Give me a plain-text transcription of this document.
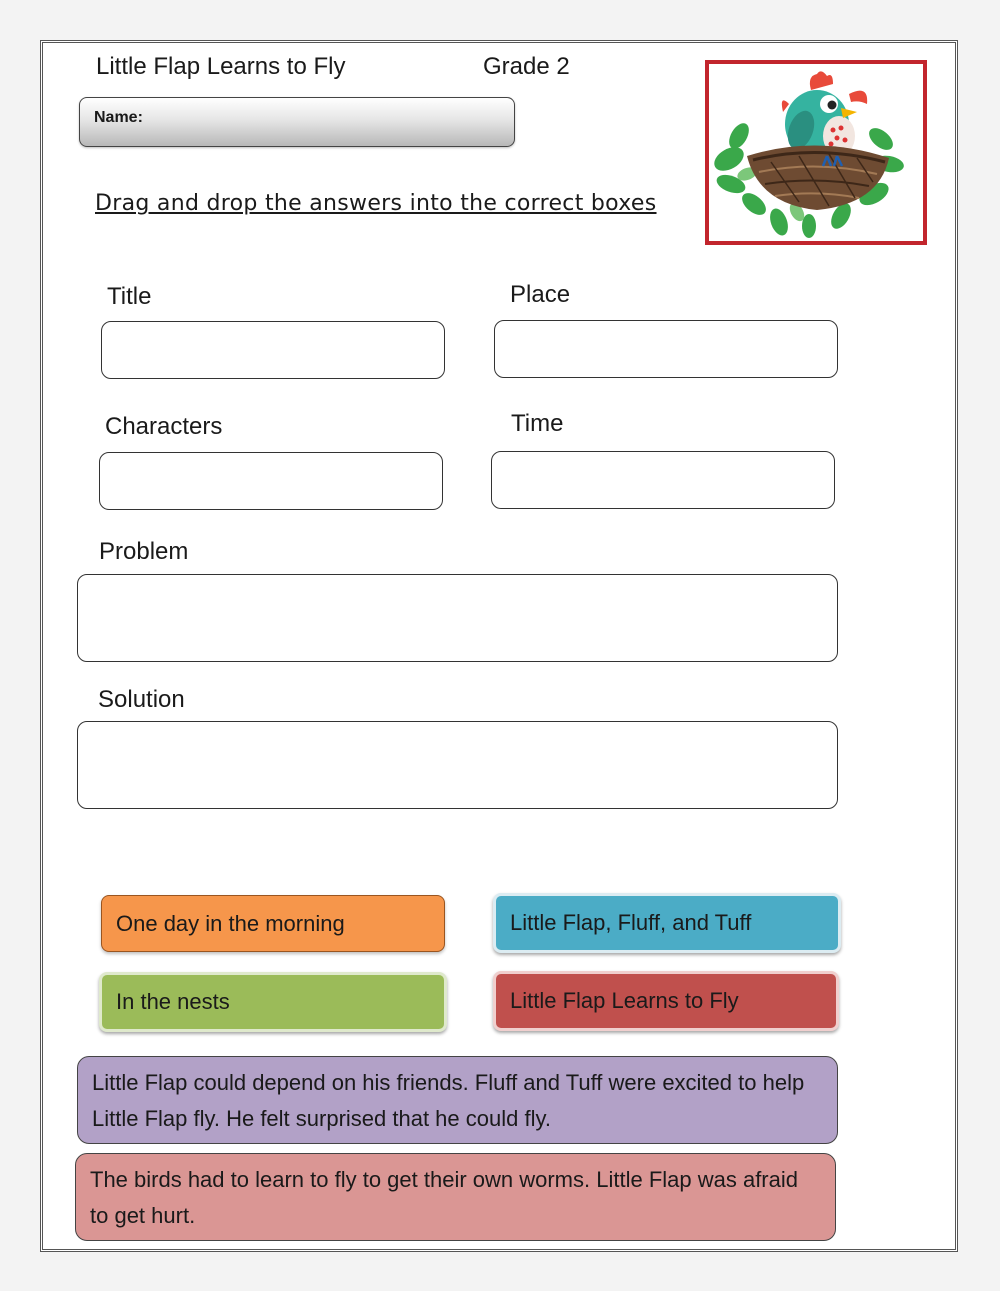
Little Flap Learns to Fly	Grade 2
Name:
Drag and drop the answers into the correct boxes
Title	Place
Characters	Time
Problem
Solution
One day in the morning	Little Flap, Fluff, and Tuff
In the nests	Little Flap Learns to Fly
Little Flap could depend on his friends. Fluff and Tuff were excited to help Little Flap fly. He felt surprised that he could fly.
The birds had to learn to fly to get their own worms. Little Flap was afraid to get hurt.
